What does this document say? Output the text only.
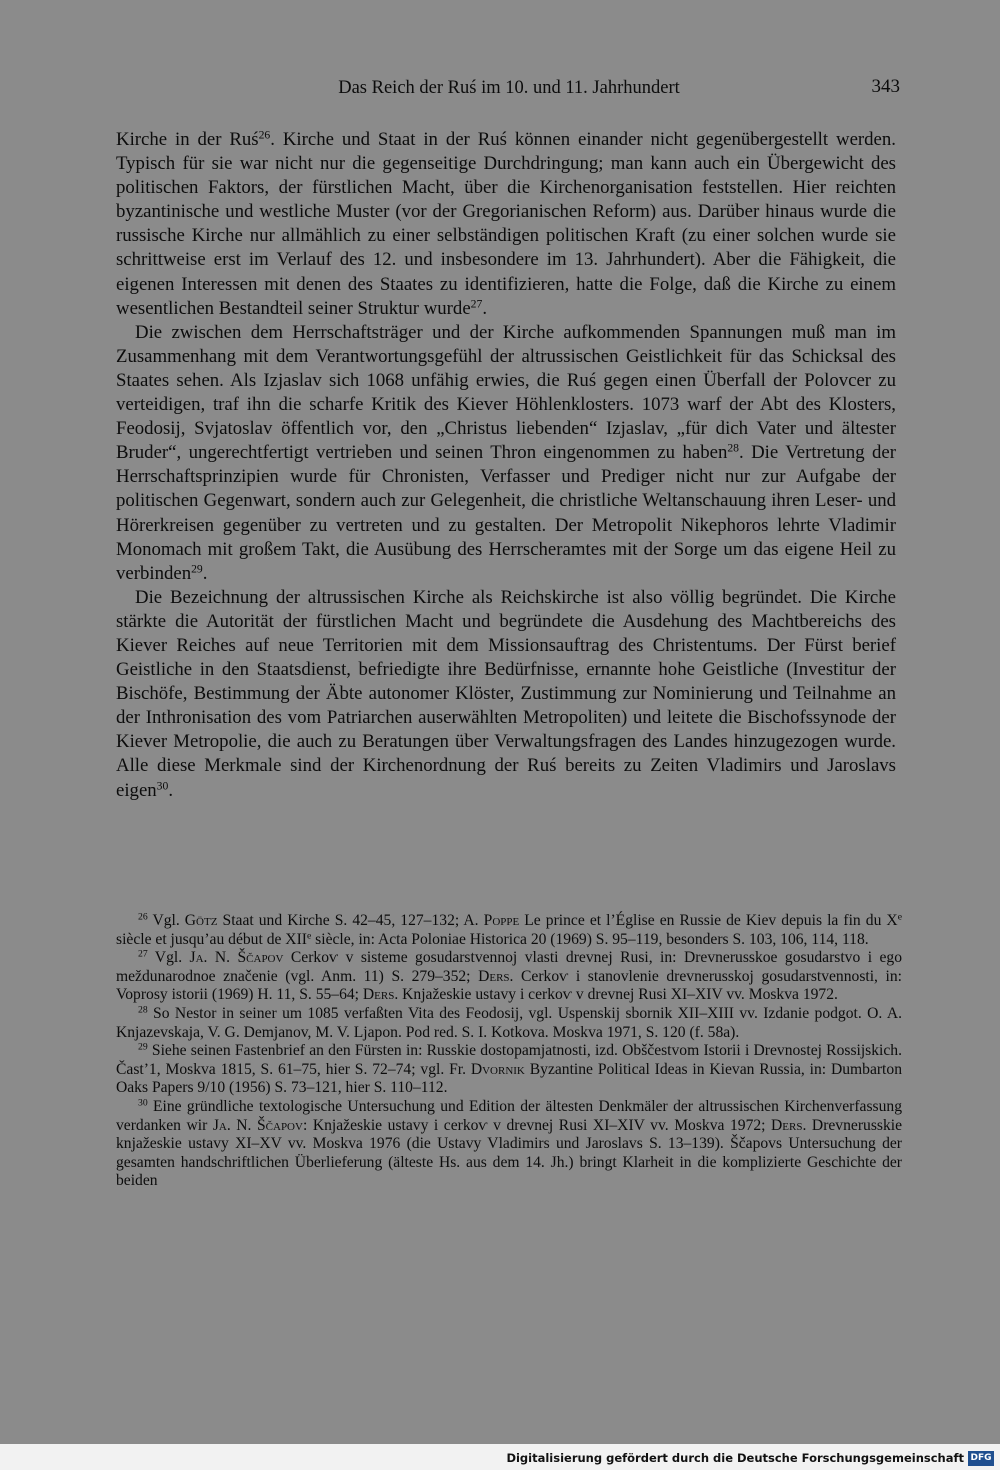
Das Reich der Ruś im 10. und 11. Jahrhundert	343

Kirche in der Ruś$^{26}$. Kirche und Staat in der Ruś können einander nicht gegenübergestellt werden. Typisch für sie war nicht nur die gegenseitige Durchdringung; man kann auch ein Übergewicht des politischen Faktors, der fürstlichen Macht, über die Kirchenorganisation feststellen. Hier reichten byzantinische und westliche Muster (vor der Gregorianischen Reform) aus. Darüber hinaus wurde die russische Kirche nur allmählich zu einer selbständigen politischen Kraft (zu einer solchen wurde sie schrittweise erst im Verlauf des 12. und insbesondere im 13. Jahrhundert). Aber die Fähigkeit, die eigenen Interessen mit denen des Staates zu identifizieren, hatte die Folge, daß die Kirche zu einem wesentlichen Bestandteil seiner Struktur wurde$^{27}$.

Die zwischen dem Herrschaftsträger und der Kirche aufkommenden Spannungen muß man im Zusammenhang mit dem Verantwortungsgefühl der altrussischen Geistlichkeit für das Schicksal des Staates sehen. Als Izjaslav sich 1068 unfähig erwies, die Ruś gegen einen Überfall der Polovcer zu verteidigen, traf ihn die scharfe Kritik des Kiever Höhlenklosters. 1073 warf der Abt des Klosters, Feodosij, Svjatoslav öffentlich vor, den „Christus liebenden“ Izjaslav, „für dich Vater und ältester Bruder“, ungerechtfertigt vertrieben und seinen Thron eingenommen zu haben$^{28}$. Die Vertretung der Herrschaftsprinzipien wurde für Chronisten, Verfasser und Prediger nicht nur zur Aufgabe der politischen Gegenwart, sondern auch zur Gelegenheit, die christliche Weltanschauung ihren Leser- und Hörerkreisen gegenüber zu vertreten und zu gestalten. Der Metropolit Nikephoros lehrte Vladimir Monomach mit großem Takt, die Ausübung des Herrscheramtes mit der Sorge um das eigene Heil zu verbinden$^{29}$.

Die Bezeichnung der altrussischen Kirche als Reichskirche ist also völlig begründet. Die Kirche stärkte die Autorität der fürstlichen Macht und begründete die Ausdehung des Machtbereichs des Kiever Reiches auf neue Territorien mit dem Missionsauftrag des Christentums. Der Fürst berief Geistliche in den Staatsdienst, befriedigte ihre Bedürfnisse, ernannte hohe Geistliche (Investitur der Bischöfe, Bestimmung der Äbte autonomer Klöster, Zustimmung zur Nominierung und Teilnahme an der Inthronisation des vom Patriarchen auserwählten Metropoliten) und leitete die Bischofssynode der Kiever Metropolie, die auch zu Beratungen über Verwaltungsfragen des Landes hinzugezogen wurde. Alle diese Merkmale sind der Kirchenordnung der Ruś bereits zu Zeiten Vladimirs und Jaroslavs eigen$^{30}$.

$^{26}$ Vgl. Götz Staat und Kirche S. 42–45, 127–132; A. Poppe Le prince et l’Église en Russie de Kiev depuis la fin du Xe siècle et jusqu’au début de XIIe siècle, in: Acta Poloniae Historica 20 (1969) S. 95–119, besonders S. 103, 106, 114, 118.

$^{27}$ Vgl. Ja. N. Ščapov Cerkoѵ v sisteme gosudarstvennoj vlasti drevnej Rusi, in: Drevnerusskoe gosudarstvo i ego meždunarodnoe značenie (vgl. Anm. 11) S. 279–352; Ders. Cerkoѵ i stanovlenie drevnerusskoj gosudarstvennosti, in: Voprosy istorii (1969) H. 11, S. 55–64; Ders. Knjažeskie ustavy i cerkoѵ v drevnej Rusi XI–XIV vv. Moskva 1972.

$^{28}$ So Nestor in seiner um 1085 verfaßten Vita des Feodosij, vgl. Uspenskij sbornik XII–XIII vv. Izdanie podgot. O. A. Knjazevskaja, V. G. Demjanov, M. V. Ljapon. Pod red. S. I. Kotkova. Moskva 1971, S. 120 (f. 58a).

$^{29}$ Siehe seinen Fastenbrief an den Fürsten in: Russkie dostopamjatnosti, izd. Obščestvom Istorii i Drevnostej Rossijskich. Čast’1, Moskva 1815, S. 61–75, hier S. 72–74; vgl. Fr. Dvornik Byzantine Political Ideas in Kievan Russia, in: Dumbarton Oaks Papers 9/10 (1956) S. 73–121, hier S. 110–112.

$^{30}$ Eine gründliche textologische Untersuchung und Edition der ältesten Denkmäler der altrussischen Kirchenverfassung verdanken wir Ja. N. Ščapov: Knjažeskie ustavy i cerkoѵ v drevnej Rusi XI–XIV vv. Moskva 1972; Ders. Drevnerusskie knjažeskie ustavy XI–XV vv. Moskva 1976 (die Ustavy Vladimirs und Jaroslavs S. 13–139). Ščapovs Untersuchung der gesamten handschriftlichen Überlieferung (älteste Hs. aus dem 14. Jh.) bringt Klarheit in die komplizierte Geschichte der beiden

Digitalisierung gefördert durch die Deutsche Forschungsgemeinschaft DFG
